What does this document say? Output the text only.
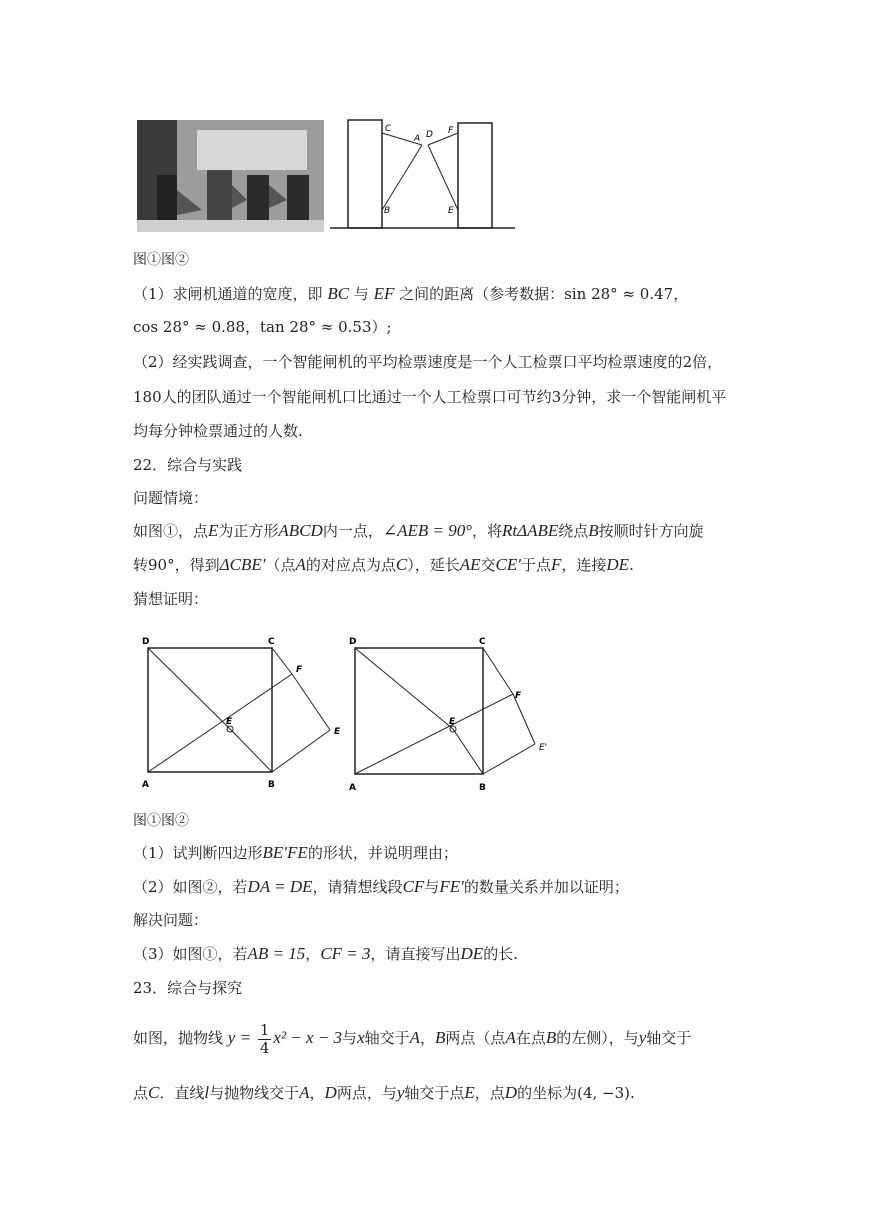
C
A D F
B	E
图①图②
（1）求闸机通道的宽度，即 BC 与 EF 之间的距离（参考数据：sin 28° ≈ 0.47，
cos 28° ≈ 0.88，tan 28° ≈ 0.53）;
（2）经实践调查，一个智能闸机的平均检票速度是一个人工检票口平均检票速度的2倍，
180人的团队通过一个智能闸机口比通过一个人工检票口可节约3分钟，求一个智能闸机平
均每分钟检票通过的人数.
22．综合与实践
问题情境：
如图①，点E为正方形ABCD内一点，∠AEB = 90°，将RtΔABE绕点B按顺时针方向旋
转90°，得到ΔCBE′（点A的对应点为点C），延长AE交CE′于点F，连接DE.
猜想证明：
D	C
A	B
E
F
E
D	C
A	B
E
F
E'
图①图②
（1）试判断四边形BE′FE的形状，并说明理由；
（2）如图②，若DA = DE，请猜想线段CF与FE′的数量关系并加以证明；
解决问题：
（3）如图①，若AB = 15，CF = 3，请直接写出DE的长.
23．综合与探究
如图，抛物线 $y = \frac{1}{4} x^2 - x - 3$与x轴交于A，B两点（点A在点B的左侧），与y轴交于
点C．直线l与抛物线交于A，D两点，与y轴交于点E，点D的坐标为(4, −3).
